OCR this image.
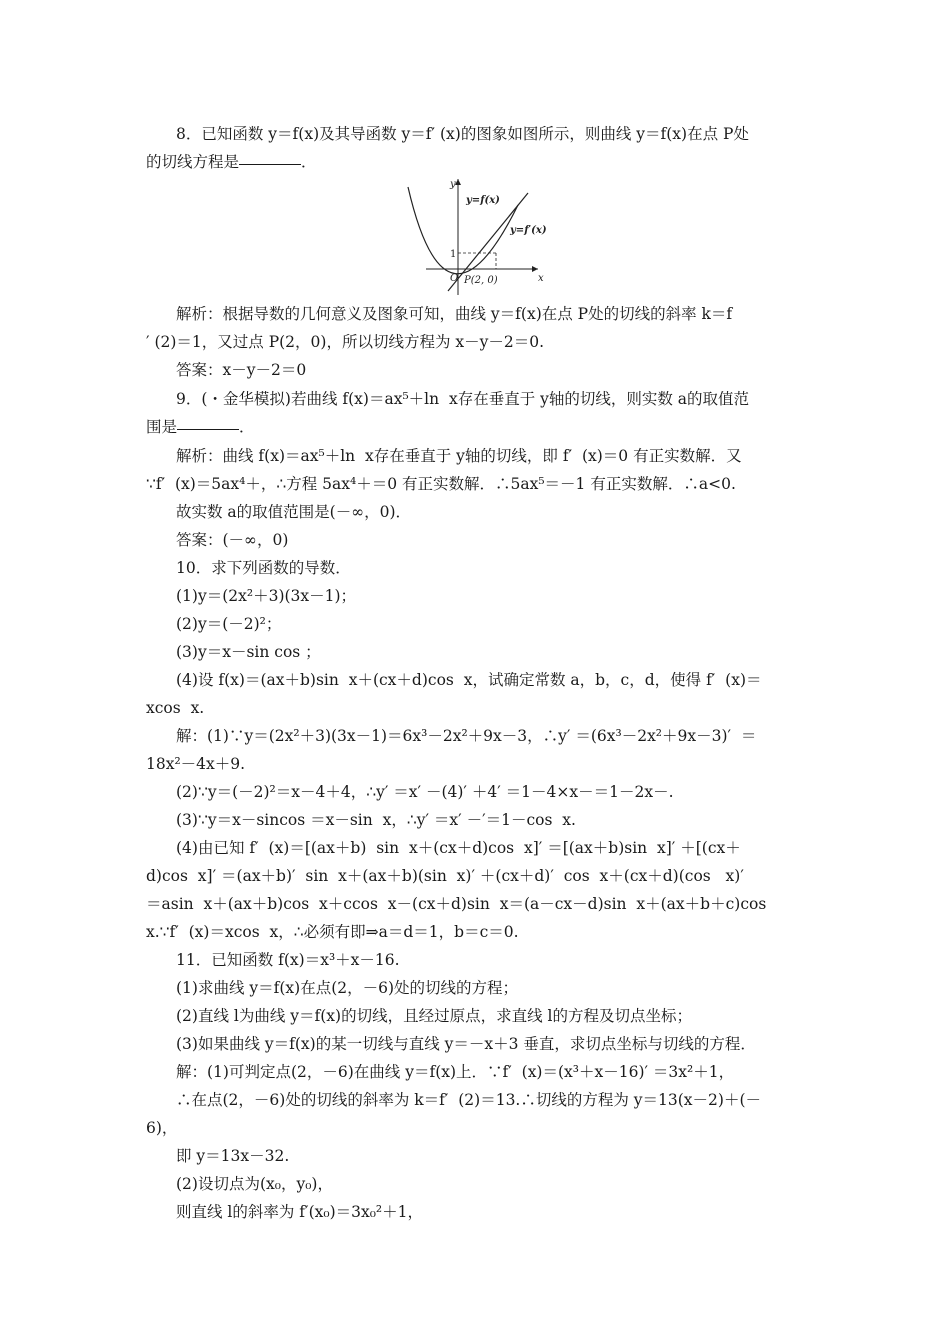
8．已知函数 y＝f(x)及其导函数 y＝f′ (x)的图象如图所示，则曲线 y＝f(x)在点 P处
的切线方程是	．
y
x
O
1
y=f(x)
y=f′(x)
P(2, 0)
解析：根据导数的几何意义及图象可知，曲线 y＝f(x)在点 P处的切线的斜率 k＝f
′ (2)＝1，又过点 P(2，0)，所以切线方程为 x－y－2＝0.
答案：x－y－2＝0
9．(・金华模拟)若曲线 f(x)＝ax⁵＋ln  x存在垂直于 y轴的切线，则实数 a的取值范
围是	．
解析：曲线 f(x)＝ax⁵＋ln  x存在垂直于 y轴的切线，即 f′  (x)＝0 有正实数解．又
∵f′  (x)＝5ax⁴＋，∴方程 5ax⁴＋＝0 有正实数解．∴5ax⁵＝－1 有正实数解．∴a<0.
故实数 a的取值范围是(－∞，0)．
答案：(－∞，0)
10．求下列函数的导数．
(1)y＝(2x²＋3)(3x－1)；
(2)y＝(－2)²；
(3)y＝x－sin cos ；
(4)设 f(x)＝(ax＋b)sin  x＋(cx＋d)cos  x，试确定常数 a，b，c，d，使得 f′  (x)＝
xcos  x.
解：(1)∵y＝(2x²＋3)(3x－1)＝6x³－2x²＋9x－3，∴y′ ＝(6x³－2x²＋9x－3)′  ＝
18x²－4x＋9.
(2)∵y＝(－2)²＝x－4＋4，∴y′ ＝x′ －(4)′ ＋4′ ＝1－4×x－＝1－2x－.
(3)∵y＝x－sincos ＝x－sin  x，∴y′ ＝x′ －′＝1－cos  x.
(4)由已知 f′  (x)＝[(ax＋b)  sin  x＋(cx＋d)cos  x]′ ＝[(ax＋b)sin  x]′ ＋[(cx＋
d)cos  x]′ ＝(ax＋b)′  sin  x＋(ax＋b)(sin  x)′ ＋(cx＋d)′  cos  x＋(cx＋d)(cos   x)′
＝asin  x＋(ax＋b)cos  x＋ccos  x－(cx＋d)sin  x＝(a－cx－d)sin  x＋(ax＋b＋c)cos
x.∵f′  (x)＝xcos  x，∴必须有即⇒a＝d＝1，b＝c＝0.
11．已知函数 f(x)＝x³＋x－16.
(1)求曲线 y＝f(x)在点(2，－6)处的切线的方程；
(2)直线 l为曲线 y＝f(x)的切线，且经过原点，求直线 l的方程及切点坐标；
(3)如果曲线 y＝f(x)的某一切线与直线 y＝－x＋3 垂直，求切点坐标与切线的方程．
解：(1)可判定点(2，－6)在曲线 y＝f(x)上．∵f′  (x)＝(x³＋x－16)′ ＝3x²＋1，
∴在点(2，－6)处的切线的斜率为 k＝f′  (2)＝13.∴切线的方程为 y＝13(x－2)＋(－
6)，
即 y＝13x－32.
(2)设切点为(x₀，y₀)，
则直线 l的斜率为 f′(x₀)＝3x₀²＋1，
